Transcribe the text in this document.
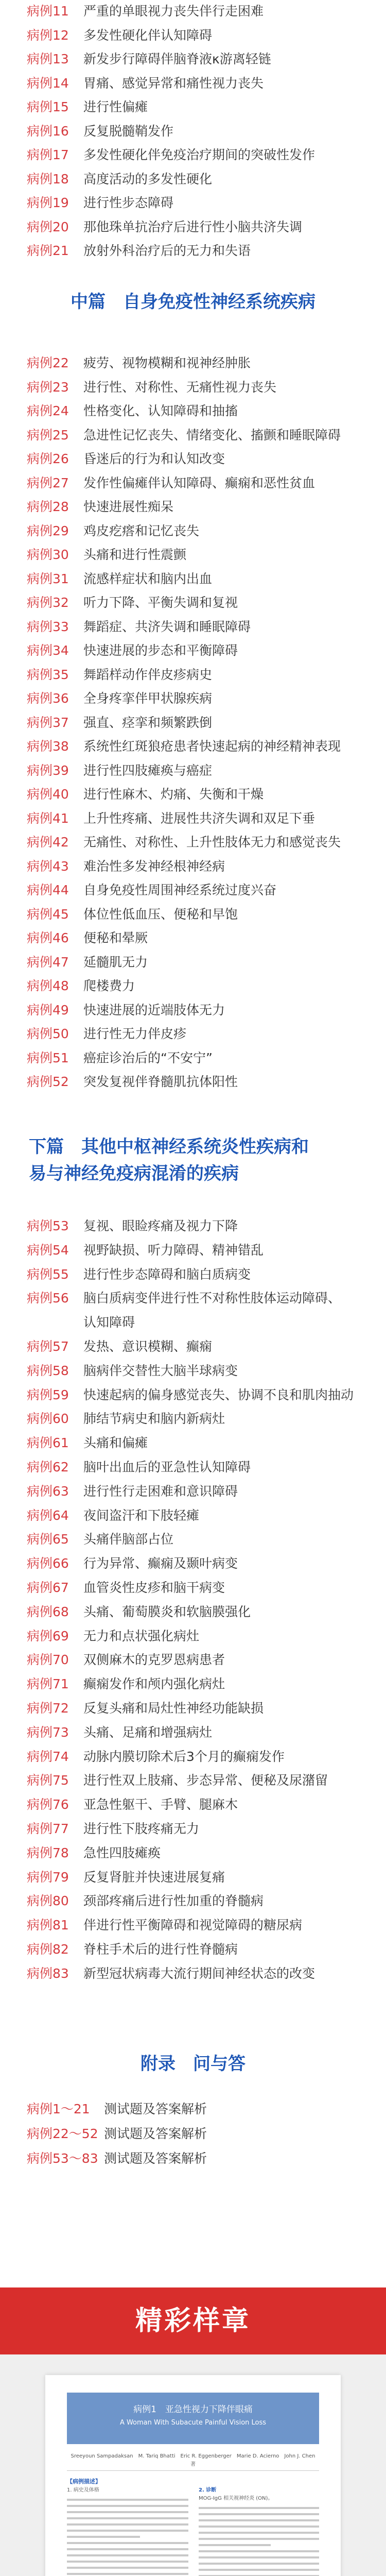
病例11 严重的单眼视力丧失伴行走困难
病例12 多发性硬化伴认知障碍
病例13 新发步行障碍伴脑脊液κ游离轻链
病例14 胃痛、感觉异常和痛性视力丧失
病例15 进行性偏瘫
病例16 反复脱髓鞘发作
病例17 多发性硬化伴免疫治疗期间的突破性发作
病例18 高度活动的多发性硬化
病例19 进行性步态障碍
病例20 那他珠单抗治疗后进行性小脑共济失调
病例21 放射外科治疗后的无力和失语
中篇　自身免疫性神经系统疾病
病例22 疲劳、视物模糊和视神经肿胀
病例23 进行性、对称性、无痛性视力丧失
病例24 性格变化、认知障碍和抽搐
病例25 急进性记忆丧失、情绪变化、搐颤和睡眠障碍
病例26 昏迷后的行为和认知改变
病例27 发作性偏瘫伴认知障碍、癫痫和恶性贫血
病例28 快速进展性痴呆
病例29 鸡皮疙瘩和记忆丧失
病例30 头痛和进行性震颤
病例31 流感样症状和脑内出血
病例32 听力下降、平衡失调和复视
病例33 舞蹈症、共济失调和睡眠障碍
病例34 快速进展的步态和平衡障碍
病例35 舞蹈样动作伴皮疹病史
病例36 全身疼挛伴甲状腺疾病
病例37 强直、痉挛和频繁跌倒
病例38 系统性红斑狼疮患者快速起病的神经精神表现
病例39 进行性四肢瘫痪与癌症
病例40 进行性麻木、灼痛、失衡和干燥
病例41 上升性疼痛、进展性共济失调和双足下垂
病例42 无痛性、对称性、上升性肢体无力和感觉丧失
病例43 难治性多发神经根神经病
病例44 自身免疫性周围神经系统过度兴奋
病例45 体位性低血压、便秘和早饱
病例46 便秘和晕厥
病例47 延髓肌无力
病例48 爬楼费力
病例49 快速进展的近端肢体无力
病例50 进行性无力伴皮疹
病例51 癌症诊治后的“不安宁”
病例52 突发复视伴脊髓肌抗体阳性
下篇　其他中枢神经系统炎性疾病和
易与神经免疫病混淆的疾病
病例53 复视、眼睑疼痛及视力下降
病例54 视野缺损、听力障碍、精神错乱
病例55 进行性步态障碍和脑白质病变
病例56 脑白质病变伴进行性不对称性肢体运动障碍、
认知障碍
病例57 发热、意识模糊、癫痫
病例58 脑病伴交替性大脑半球病变
病例59 快速起病的偏身感觉丧失、协调不良和肌肉抽动
病例60 肺结节病史和脑内新病灶
病例61 头痛和偏瘫
病例62 脑叶出血后的亚急性认知障碍
病例63 进行性行走困难和意识障碍
病例64 夜间盗汗和下肢轻瘫
病例65 头痛伴脑部占位
病例66 行为异常、癫痫及颞叶病变
病例67 血管炎性皮疹和脑干病变
病例68 头痛、葡萄膜炎和软脑膜强化
病例69 无力和点状强化病灶
病例70 双侧麻木的克罗恩病患者
病例71 癫痫发作和颅内强化病灶
病例72 反复头痛和局灶性神经功能缺损
病例73 头痛、足痛和增强病灶
病例74 动脉内膜切除术后3个月的癫痫发作
病例75 进行性双上肢痛、步态异常、便秘及尿潴留
病例76 亚急性躯干、手臂、腿麻木
病例77 进行性下肢疼痛无力
病例78 急性四肢瘫痪
病例79 反复肾脏并快速进展复痛
病例80 颈部疼痛后进行性加重的脊髓病
病例81 伴进行性平衡障碍和视觉障碍的糖尿病
病例82 脊柱手术后的进行性脊髓病
病例83 新型冠状病毒大流行期间神经状态的改变
附录　问与答
病例1～21 测试题及答案解析
病例22～52 测试题及答案解析
病例53～83 测试题及答案解析
精彩样章
病例1　亚急性视力下降伴眼痛
A Woman With Subacute Painful Vision Loss
Sreeyoun Sampadaksan　M. Tariq Bhatti　Eric R. Eggenberger　Marie D. Acierno　John J. Chen　著
【病例描述】
1. 病史及体格	2. 诊断
MOG-IgG 相关视神经炎 (ON)。
